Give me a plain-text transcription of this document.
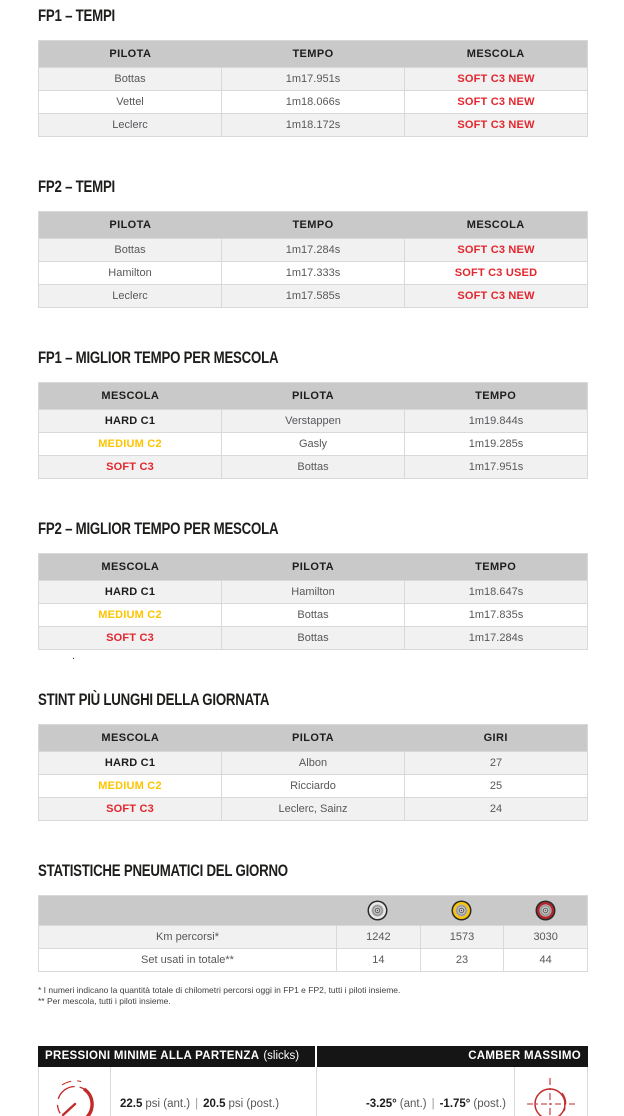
FP1 – TEMPI
PILOTA	TEMPO	MESCOLA
Bottas	1m17.951s	SOFT C3 NEW
Vettel	1m18.066s	SOFT C3 NEW
Leclerc	1m18.172s	SOFT C3 NEW
FP2 – TEMPI
PILOTA	TEMPO	MESCOLA
Bottas	1m17.284s	SOFT C3 NEW
Hamilton	1m17.333s	SOFT C3 USED
Leclerc	1m17.585s	SOFT C3 NEW
FP1 – MIGLIOR TEMPO PER MESCOLA
MESCOLA	PILOTA	TEMPO
HARD C1	Verstappen	1m19.844s
MEDIUM C2	Gasly	1m19.285s
SOFT C3	Bottas	1m17.951s
FP2 – MIGLIOR TEMPO PER MESCOLA
MESCOLA	PILOTA	TEMPO
HARD C1	Hamilton	1m18.647s
MEDIUM C2	Bottas	1m17.835s
SOFT C3	Bottas	1m17.284s
STINT PIÙ LUNGHI DELLA GIORNATA
MESCOLA	PILOTA	GIRI
HARD C1	Albon	27
MEDIUM C2	Ricciardo	25
SOFT C3	Leclerc, Sainz	24
.
STATISTICHE PNEUMATICI DEL GIORNO
Km percorsi*	1242	1573	3030
Set usati in totale**	14	23	44
* I numeri indicano la quantità totale di chilometri percorsi oggi in FP1 e FP2, tutti i piloti insieme.
** Per mescola, tutti i piloti insieme.
PRESSIONI MINIME ALLA PARTENZA (slicks)	CAMBER MASSIMO
22.5 psi (ant.) | 20.5 psi (post.)	-3.25° (ant.) | -1.75° (post.)
